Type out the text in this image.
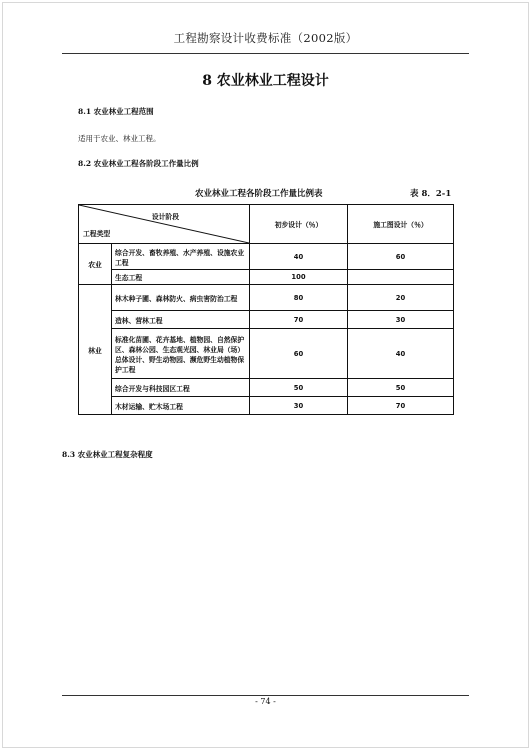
工程勘察设计收费标准（2002版）
8 农业林业工程设计
8.1 农业林业工程范围
适用于农业、林业工程。
8.2 农业林业工程各阶段工作量比例
农业林业工程各阶段工作量比例表	表 8．2-1
设计阶段
工程类型		初步设计（％）	施工图设计（％）
农业	综合开发、畜牧养殖、水产养殖、设施农业工程	40	60
	生态工程	100	
林业	林木种子圃、森林防火、病虫害防治工程	80	20
	造林、营林工程	70	30
	标准化苗圃、花卉基地、植物园、自然保护区、森林公园、生态观光园、林业局（场）总体设计、野生动物园、濒危野生动植物保护工程	60	40
	综合开发与科技园区工程	50	50
	木材运输、贮木场工程	30	70
8.3 农业林业工程复杂程度
- 74 -
